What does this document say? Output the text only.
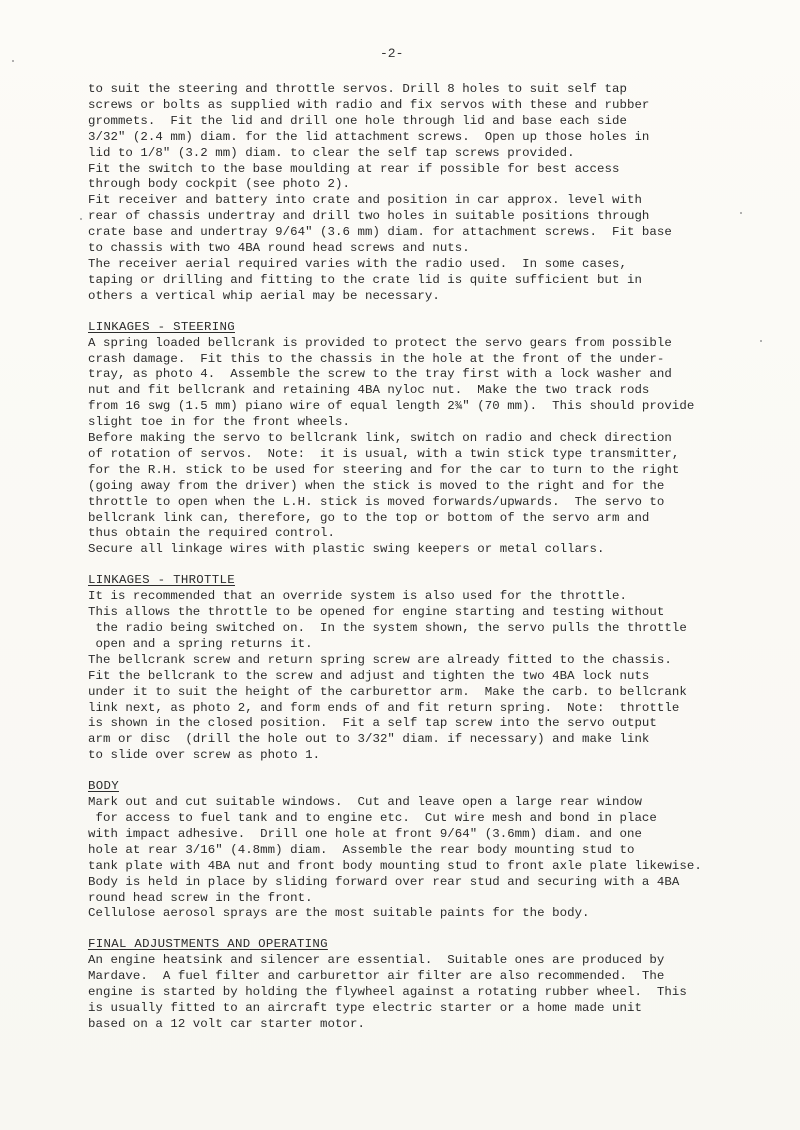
-2-
to suit the steering and throttle servos. Drill 8 holes to suit self tap
screws or bolts as supplied with radio and fix servos with these and rubber
grommets.  Fit the lid and drill one hole through lid and base each side
3/32" (2.4 mm) diam. for the lid attachment screws.  Open up those holes in
lid to 1/8" (3.2 mm) diam. to clear the self tap screws provided.
Fit the switch to the base moulding at rear if possible for best access
through body cockpit (see photo 2).
Fit receiver and battery into crate and position in car approx. level with
rear of chassis undertray and drill two holes in suitable positions through
crate base and undertray 9/64" (3.6 mm) diam. for attachment screws.  Fit base
to chassis with two 4BA round head screws and nuts.
The receiver aerial required varies with the radio used.  In some cases,
taping or drilling and fitting to the crate lid is quite sufficient but in
others a vertical whip aerial may be necessary.
LINKAGES - STEERING
A spring loaded bellcrank is provided to protect the servo gears from possible
crash damage.  Fit this to the chassis in the hole at the front of the under-
tray, as photo 4.  Assemble the screw to the tray first with a lock washer and
nut and fit bellcrank and retaining 4BA nyloc nut.  Make the two track rods
from 16 swg (1.5 mm) piano wire of equal length 2¾" (70 mm).  This should provide
slight toe in for the front wheels.
Before making the servo to bellcrank link, switch on radio and check direction
of rotation of servos.  Note:  it is usual, with a twin stick type transmitter,
for the R.H. stick to be used for steering and for the car to turn to the right
(going away from the driver) when the stick is moved to the right and for the
throttle to open when the L.H. stick is moved forwards/upwards.  The servo to
bellcrank link can, therefore, go to the top or bottom of the servo arm and
thus obtain the required control.
Secure all linkage wires with plastic swing keepers or metal collars.
LINKAGES - THROTTLE
It is recommended that an override system is also used for the throttle.
This allows the throttle to be opened for engine starting and testing without
the radio being switched on.  In the system shown, the servo pulls the throttle
open and a spring returns it.
The bellcrank screw and return spring screw are already fitted to the chassis.
Fit the bellcrank to the screw and adjust and tighten the two 4BA lock nuts
under it to suit the height of the carburettor arm.  Make the carb. to bellcrank
link next, as photo 2, and form ends of and fit return spring.  Note:  throttle
is shown in the closed position.  Fit a self tap screw into the servo output
arm or disc  (drill the hole out to 3/32" diam. if necessary) and make link
to slide over screw as photo 1.
BODY
Mark out and cut suitable windows.  Cut and leave open a large rear window
for access to fuel tank and to engine etc.  Cut wire mesh and bond in place
with impact adhesive.  Drill one hole at front 9/64" (3.6mm) diam. and one
hole at rear 3/16" (4.8mm) diam.  Assemble the rear body mounting stud to
tank plate with 4BA nut and front body mounting stud to front axle plate likewise.
Body is held in place by sliding forward over rear stud and securing with a 4BA
round head screw in the front.
Cellulose aerosol sprays are the most suitable paints for the body.
FINAL ADJUSTMENTS AND OPERATING
An engine heatsink and silencer are essential.  Suitable ones are produced by
Mardave.  A fuel filter and carburettor air filter are also recommended.  The
engine is started by holding the flywheel against a rotating rubber wheel.  This
is usually fitted to an aircraft type electric starter or a home made unit
based on a 12 volt car starter motor.
